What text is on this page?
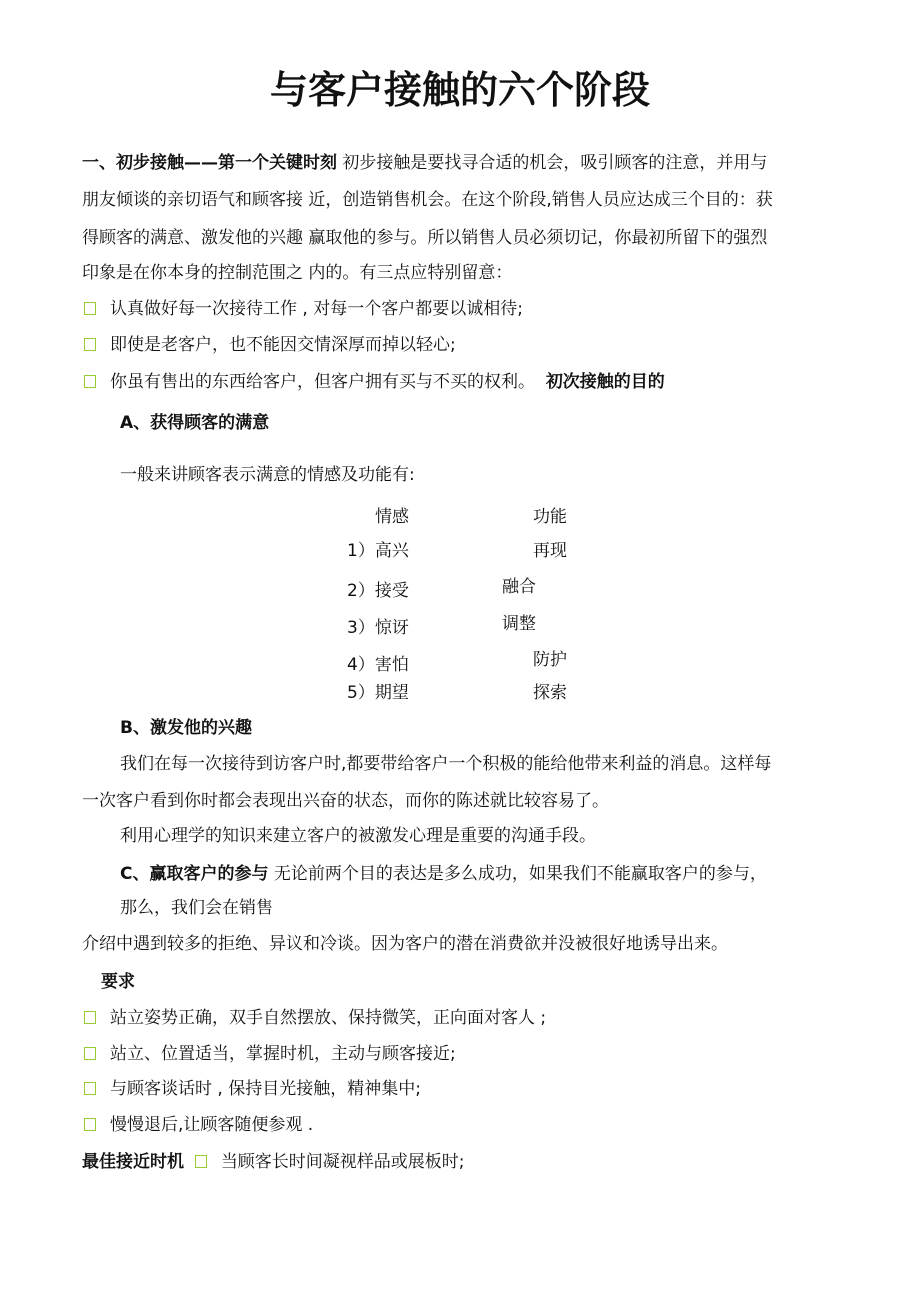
与客户接触的六个阶段
一、初步接触——第一个关键时刻 初步接触是要找寻合适的机会，吸引顾客的注意，并用与
朋友倾谈的亲切语气和顾客接 近，创造销售机会。在这个阶段,销售人员应达成三个目的：获
得顾客的满意、激发他的兴趣 赢取他的参与。所以销售人员必须切记，你最初所留下的强烈
印象是在你本身的控制范围之 内的。有三点应特别留意：
认真做好每一次接待工作 , 对每一个客户都要以诚相待;
即使是老客户，也不能因交情深厚而掉以轻心;
你虽有售出的东西给客户，但客户拥有买与不买的权利。 初次接触的目的
A、获得顾客的满意
一般来讲顾客表示满意的情感及功能有:
情感	功能
1）高兴	再现
2）接受	融合
3）惊讶	调整
4）害怕	防护
5）期望	探索
B、激发他的兴趣
我们在每一次接待到访客户时,都要带给客户一个积极的能给他带来利益的消息。这样每
一次客户看到你时都会表现出兴奋的状态，而你的陈述就比较容易了。
利用心理学的知识来建立客户的被激发心理是重要的沟通手段。
C、赢取客户的参与 无论前两个目的表达是多么成功，如果我们不能赢取客户的参与，
那么，我们会在销售
介绍中遇到较多的拒绝、异议和冷谈。因为客户的潜在消费欲并没被很好地诱导出来。
要求
站立姿势正确，双手自然摆放、保持微笑，正向面对客人 ;
站立、位置适当，掌握时机，主动与顾客接近;
与顾客谈话时 , 保持目光接触，精神集中;
慢慢退后,让顾客随便参观 .
最佳接近时机 当顾客长时间凝视样品或展板时;
